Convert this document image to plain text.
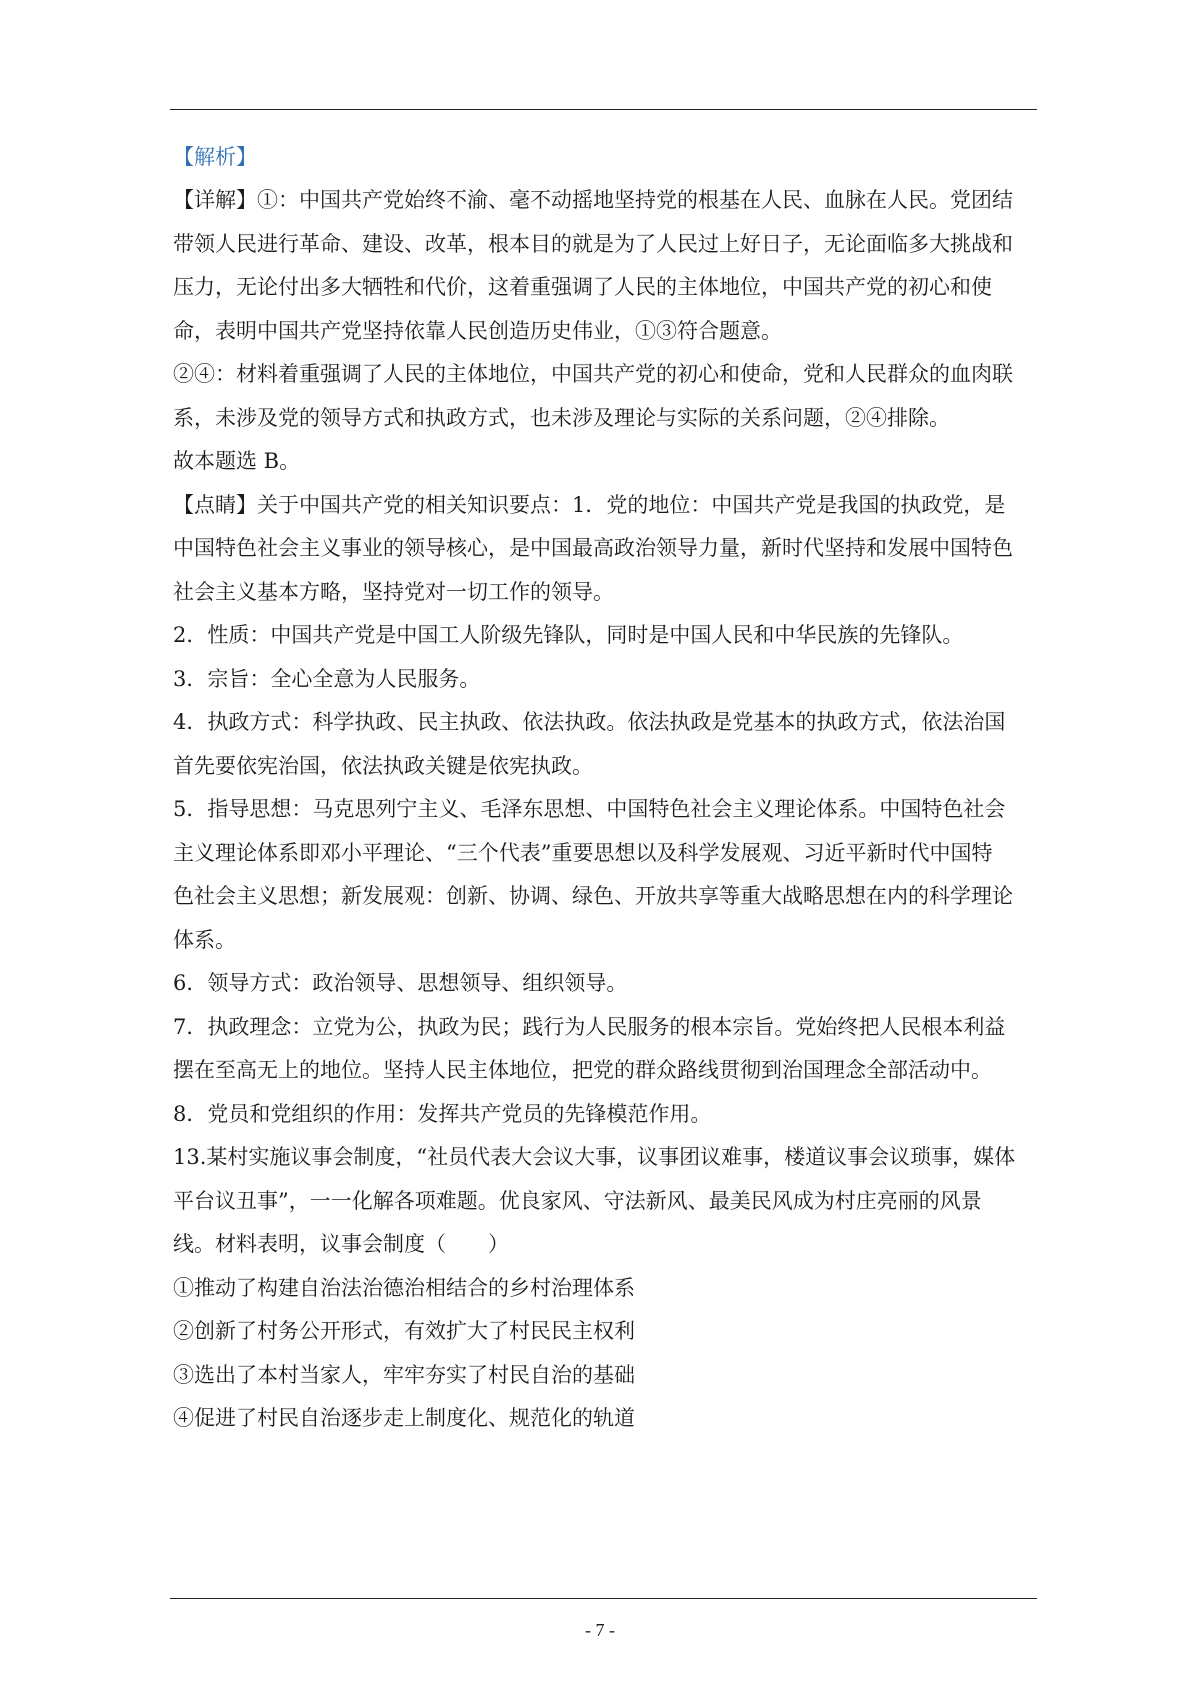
【解析】

【详解】①：中国共产党始终不渝、毫不动摇地坚持党的根基在人民、血脉在人民。党团结

带领人民进行革命、建设、改革，根本目的就是为了人民过上好日子，无论面临多大挑战和

压力，无论付出多大牺牲和代价，这着重强调了人民的主体地位，中国共产党的初心和使

命，表明中国共产党坚持依靠人民创造历史伟业，①③符合题意。

②④：材料着重强调了人民的主体地位，中国共产党的初心和使命，党和人民群众的血肉联

系，未涉及党的领导方式和执政方式，也未涉及理论与实际的关系问题，②④排除。

故本题选 B。

【点睛】关于中国共产党的相关知识要点：1．党的地位：中国共产党是我国的执政党，是

中国特色社会主义事业的领导核心，是中国最高政治领导力量，新时代坚持和发展中国特色

社会主义基本方略，坚持党对一切工作的领导。

2．性质：中国共产党是中国工人阶级先锋队，同时是中国人民和中华民族的先锋队。

3．宗旨：全心全意为人民服务。

4．执政方式：科学执政、民主执政、依法执政。依法执政是党基本的执政方式，依法治国

首先要依宪治国，依法执政关键是依宪执政。

5．指导思想：马克思列宁主义、毛泽东思想、中国特色社会主义理论体系。中国特色社会

主义理论体系即邓小平理论、“三个代表”重要思想以及科学发展观、习近平新时代中国特

色社会主义思想；新发展观：创新、协调、绿色、开放共享等重大战略思想在内的科学理论

体系。

6．领导方式：政治领导、思想领导、组织领导。

7．执政理念：立党为公，执政为民；践行为人民服务的根本宗旨。党始终把人民根本利益

摆在至高无上的地位。坚持人民主体地位，把党的群众路线贯彻到治国理念全部活动中。

8．党员和党组织的作用：发挥共产党员的先锋模范作用。

13.某村实施议事会制度，“社员代表大会议大事，议事团议难事，楼道议事会议琐事，媒体

平台议丑事”，一一化解各项难题。优良家风、守法新风、最美民风成为村庄亮丽的风景

线。材料表明，议事会制度（　　）

①推动了构建自治法治德治相结合的乡村治理体系

②创新了村务公开形式，有效扩大了村民民主权利

③选出了本村当家人，牢牢夯实了村民自治的基础

④促进了村民自治逐步走上制度化、规范化的轨道

- 7 -
